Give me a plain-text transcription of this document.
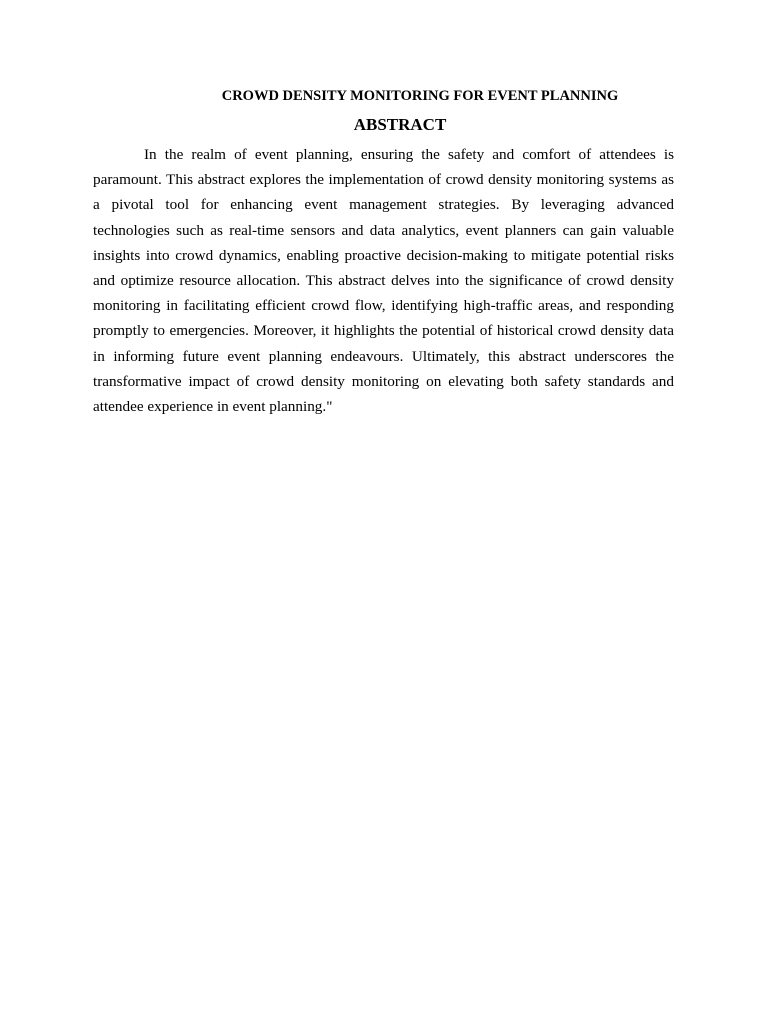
CROWD DENSITY MONITORING FOR EVENT PLANNING
ABSTRACT

In the realm of event planning, ensuring the safety and comfort of attendees is paramount. This abstract explores the implementation of crowd density monitoring systems as a pivotal tool for enhancing event management strategies. By leveraging advanced technologies such as real-time sensors and data analytics, event planners can gain valuable insights into crowd dynamics, enabling proactive decision-making to mitigate potential risks and optimize resource allocation. This abstract delves into the significance of crowd density monitoring in facilitating efficient crowd flow, identifying high-traffic areas, and responding promptly to emergencies. Moreover, it highlights the potential of historical crowd density data in informing future event planning endeavours. Ultimately, this abstract underscores the transformative impact of crowd density monitoring on elevating both safety standards and attendee experience in event planning."
